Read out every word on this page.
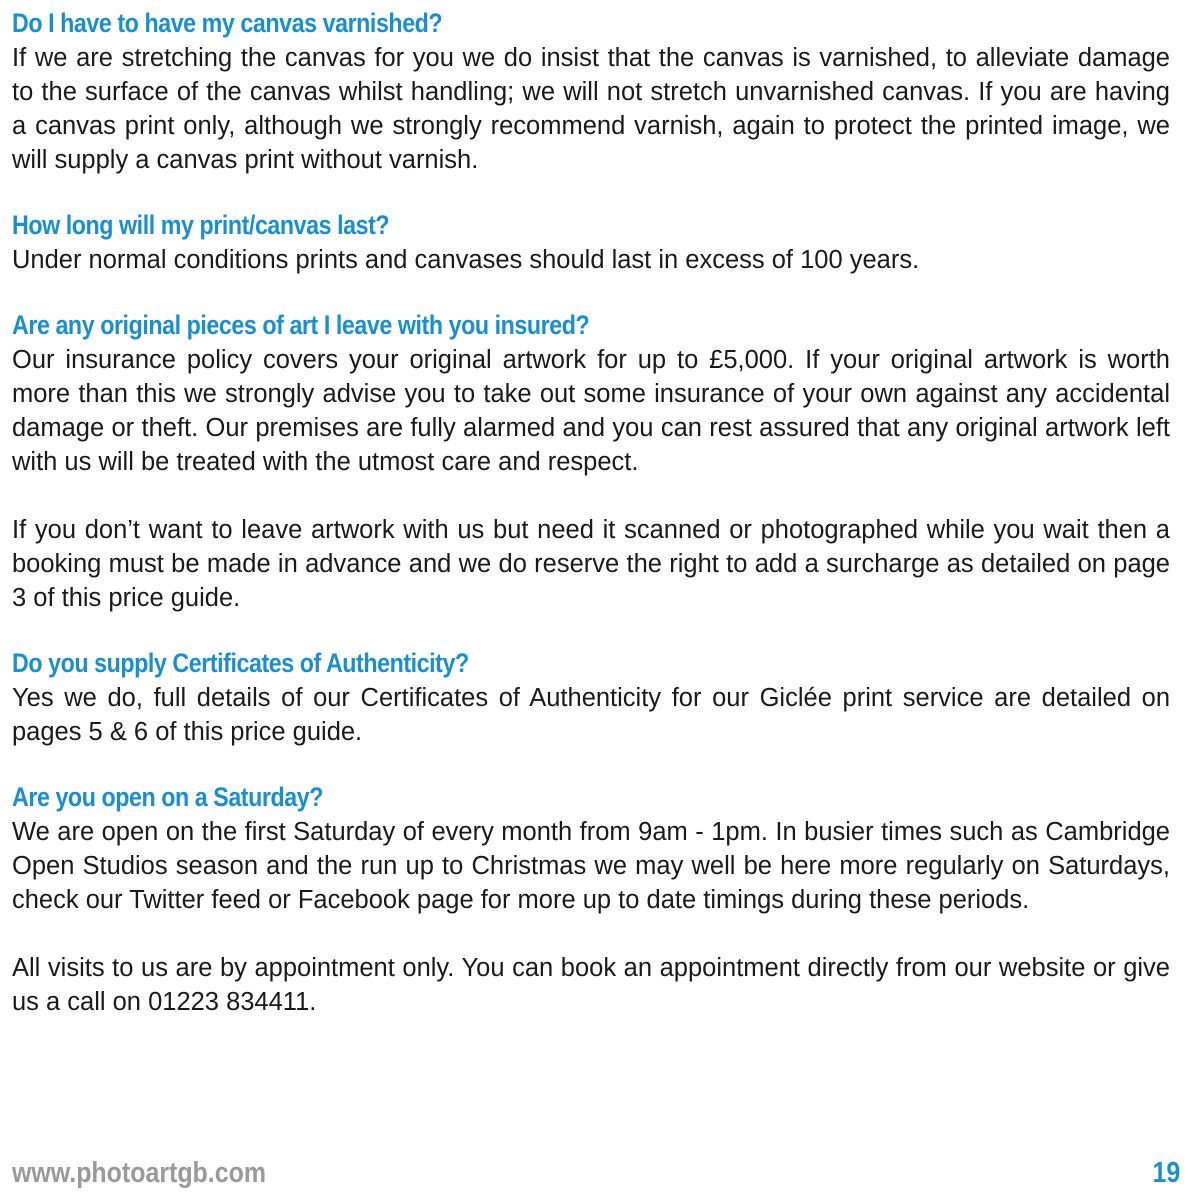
Do I have to have my canvas varnished?

If we are stretching the canvas for you we do insist that the canvas is varnished, to alleviate damage to the surface of the canvas whilst handling; we will not stretch unvarnished canvas. If you are having a canvas print only, although we strongly recommend varnish, again to protect the printed image, we will supply a canvas print without varnish.

How long will my print/canvas last?

Under normal conditions prints and canvases should last in excess of 100 years.

Are any original pieces of art I leave with you insured?

Our insurance policy covers your original artwork for up to £5,000. If your original artwork is worth more than this we strongly advise you to take out some insurance of your own against any accidental damage or theft. Our premises are fully alarmed and you can rest assured that any original artwork left with us will be treated with the utmost care and respect.

If you don’t want to leave artwork with us but need it scanned or photographed while you wait then a booking must be made in advance and we do reserve the right to add a surcharge as detailed on page 3 of this price guide.

Do you supply Certificates of Authenticity?

Yes we do, full details of our Certificates of Authenticity for our Giclée print service are detailed on pages 5 & 6 of this price guide.

Are you open on a Saturday?

We are open on the first Saturday of every month from 9am - 1pm. In busier times such as Cambridge Open Studios season and the run up to Christmas we may well be here more regularly on Saturdays, check our Twitter feed or Facebook page for more up to date timings during these periods.

All visits to us are by appointment only. You can book an appointment directly from our website or give us a call on 01223 834411.

www.photoartgb.com	19
